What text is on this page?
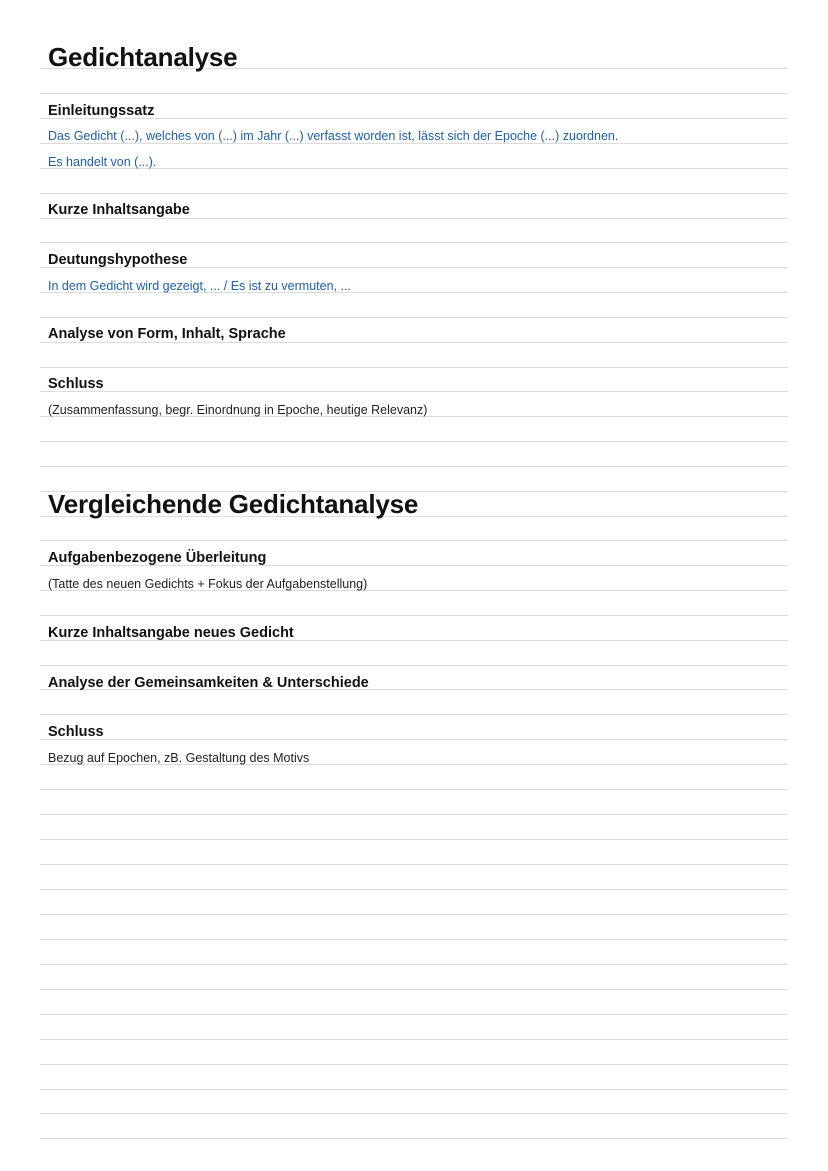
Gedichtanalyse
Einleitungssatz
Das Gedicht (...), welches von (...) im Jahr (...) verfasst worden ist, lässt sich der Epoche (...) zuordnen.
Es handelt von (...).
Kurze Inhaltsangabe
Deutungshypothese
In dem Gedicht wird gezeigt, ... / Es ist zu vermuten, ...
Analyse von Form, Inhalt, Sprache
Schluss
(Zusammenfassung, begr. Einordnung in Epoche, heutige Relevanz)
Vergleichende Gedichtanalyse
Aufgabenbezogene Überleitung
(Tatte des neuen Gedichts + Fokus der Aufgabenstellung)
Kurze Inhaltsangabe neues Gedicht
Analyse der Gemeinsamkeiten & Unterschiede
Schluss
Bezug auf Epochen, zB. Gestaltung des Motivs
